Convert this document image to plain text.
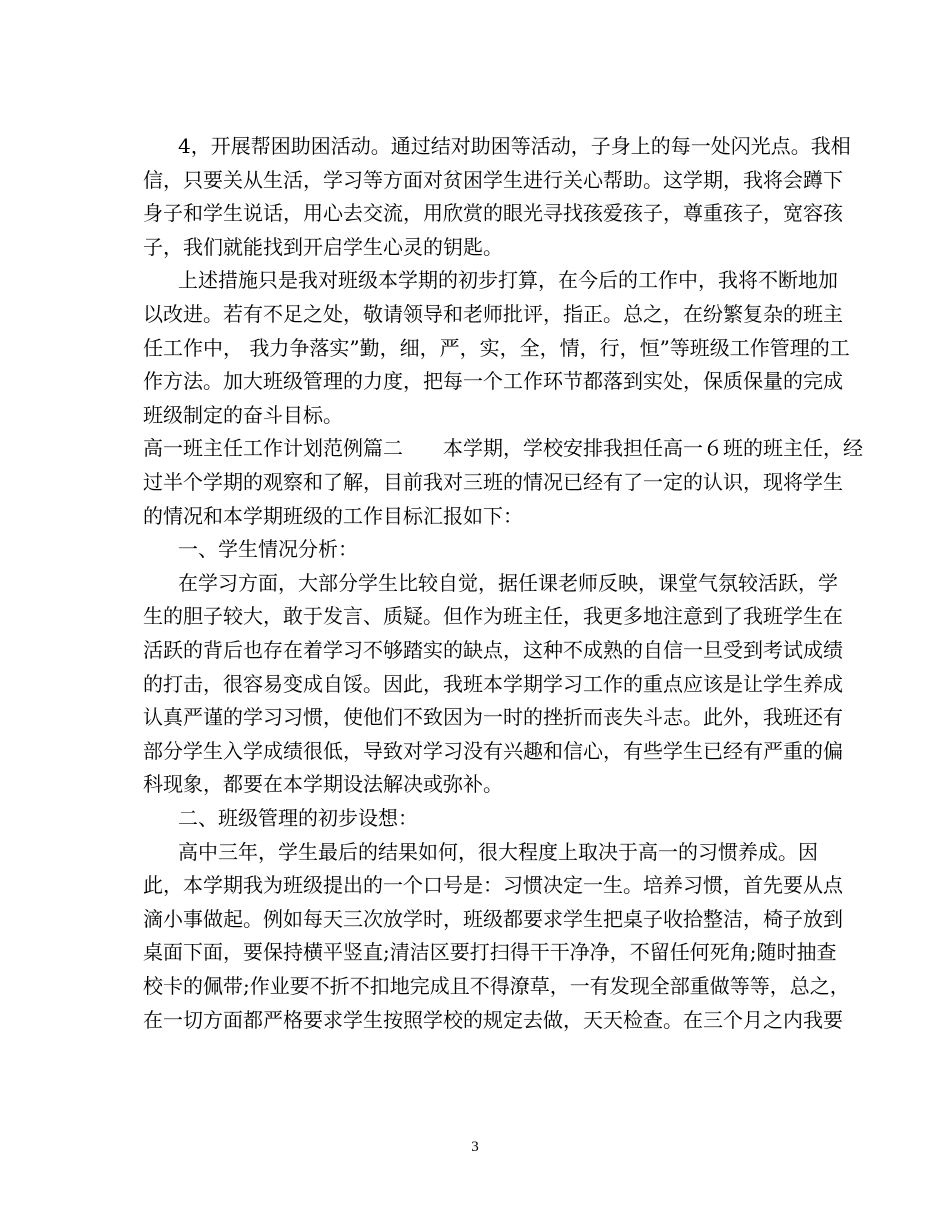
4，开展帮困助困活动。通过结对助困等活动，子身上的每一处闪光点。我相
信，只要关从生活，学习等方面对贫困学生进行关心帮助。这学期，我将会蹲下
身子和学生说话，用心去交流，用欣赏的眼光寻找孩爱孩子，尊重孩子，宽容孩
子，我们就能找到开启学生心灵的钥匙。
上述措施只是我对班级本学期的初步打算，在今后的工作中，我将不断地加
以改进。若有不足之处，敬请领导和老师批评，指正。总之，在纷繁复杂的班主
任工作中， 我力争落实”勤，细，严，实，全，情，行，恒”等班级工作管理的工
作方法。加大班级管理的力度，把每一个工作环节都落到实处，保质保量的完成
班级制定的奋斗目标。
高一班主任工作计划范例篇二　　本学期，学校安排我担任高一６班的班主任，经
过半个学期的观察和了解，目前我对三班的情况已经有了一定的认识，现将学生
的情况和本学期班级的工作目标汇报如下：
一、学生情况分析：
在学习方面，大部分学生比较自觉，据任课老师反映，课堂气氛较活跃，学
生的胆子较大，敢于发言、质疑。但作为班主任，我更多地注意到了我班学生在
活跃的背后也存在着学习不够踏实的缺点，这种不成熟的自信一旦受到考试成绩
的打击，很容易变成自馁。因此，我班本学期学习工作的重点应该是让学生养成
认真严谨的学习习惯，使他们不致因为一时的挫折而丧失斗志。此外，我班还有
部分学生入学成绩很低，导致对学习没有兴趣和信心，有些学生已经有严重的偏
科现象，都要在本学期设法解决或弥补。
二、班级管理的初步设想：
高中三年，学生最后的结果如何，很大程度上取决于高一的习惯养成。因
此，本学期我为班级提出的一个口号是：习惯决定一生。培养习惯，首先要从点
滴小事做起。例如每天三次放学时，班级都要求学生把桌子收拾整洁，椅子放到
桌面下面，要保持横平竖直;清洁区要打扫得干干净净，不留任何死角;随时抽查
校卡的佩带;作业要不折不扣地完成且不得潦草，一有发现全部重做等等，总之，
在一切方面都严格要求学生按照学校的规定去做，天天检查。在三个月之内我要
3
